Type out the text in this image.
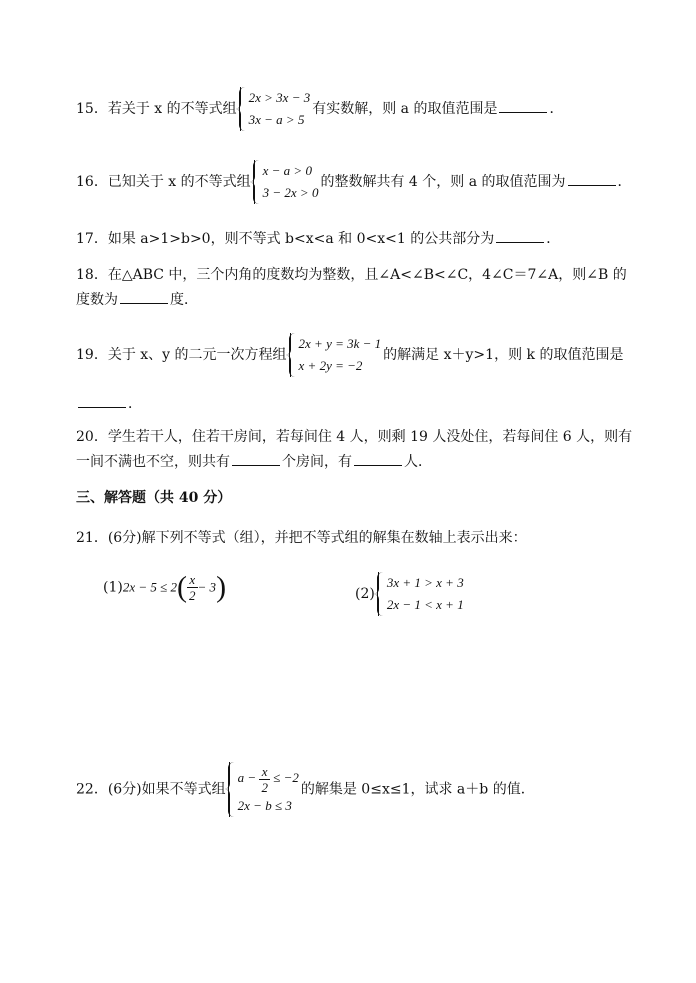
15．若关于 x 的不等式组
2x > 3x − 3
3x − a > 5
有实数解，则 a 的取值范围是	．
16．已知关于 x 的不等式组
x − a > 0
3 − 2x > 0
的整数解共有 4 个，则 a 的取值范围为	．
17．如果 a>1>b>0，则不等式 b<x<a 和 0<x<1 的公共部分为	．
18．在△ABC 中，三个内角的度数均为整数，且∠A<∠B<∠C，4∠C＝7∠A，则∠B 的
度数为	度．
19．关于 x、y 的二元一次方程组
2x + y = 3k − 1
x + 2y = −2
的解满足 x＋y>1，则 k 的取值范围是
．
20．学生若干人，住若干房间，若每间住 4 人，则剩 19 人没处住，若每间住 6 人，则有
一间不满也不空，则共有	个房间，有	人．
三、解答题（共 40 分）
21．(6分)解下列不等式（组），并把不等式组的解集在数轴上表示出来：
$(1)2x - 5 \le 2( \frac{x}{2} - 3)$	(2)
3x + 1 > x + 3
2x − 1 < x + 1
22．(6分)如果不等式组
$a - \frac{x}{2} \le -2$
2x − b ≤ 3
的解集是 0≤x≤1，试求 a＋b 的值．
